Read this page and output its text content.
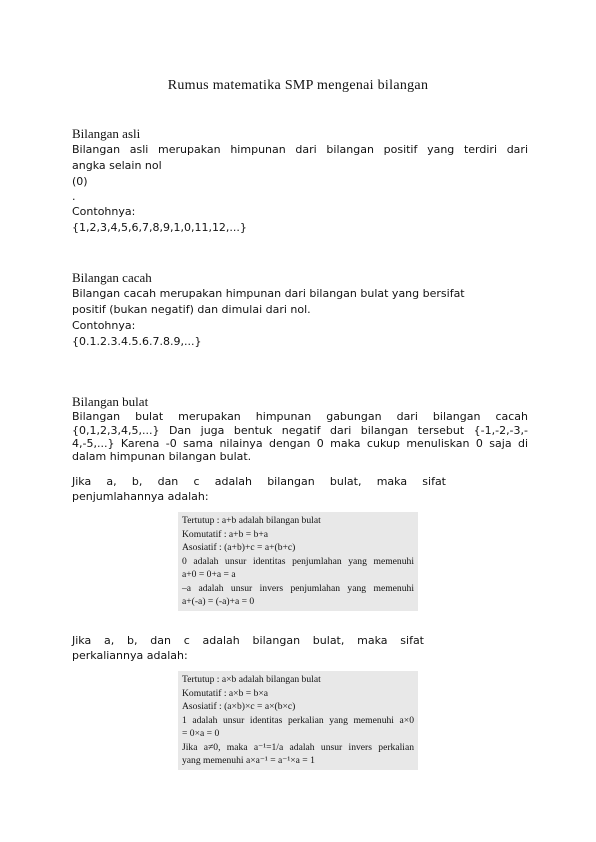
Rumus matematika SMP mengenai bilangan
Bilangan asli
Bilangan asli merupakan himpunan dari bilangan positif yang terdiri dari
angka selain nol
(0)
.
Contohnya:
{1,2,3,4,5,6,7,8,9,1,0,11,12,...}
Bilangan cacah
Bilangan cacah merupakan himpunan dari bilangan bulat yang bersifat
positif (bukan negatif) dan dimulai dari nol.
Contohnya:
{0.1.2.3.4.5.6.7.8.9,...}
Bilangan bulat
Bilangan bulat merupakan himpunan gabungan dari bilangan cacah
{0,1,2,3,4,5,...} Dan juga bentuk negatif dari bilangan tersebut {-1,-2,-3,-
4,-5,...} Karena -0 sama nilainya dengan 0 maka cukup menuliskan 0 saja di
dalam himpunan bilangan bulat.
Jika a, b, dan c adalah bilangan bulat, maka sifat
penjumlahannya adalah:
Tertutup : a+b adalah bilangan bulat
Komutatif : a+b = b+a
Asosiatif : (a+b)+c = a+(b+c)
0 adalah unsur identitas penjumlahan yang memenuhi
a+0 = 0+a = a
–a adalah unsur invers penjumlahan yang memenuhi
a+(-a) = (-a)+a = 0
Jika a, b, dan c adalah bilangan bulat, maka sifat
perkaliannya adalah:
Tertutup : a×b adalah bilangan bulat
Komutatif : a×b = b×a
Asosiatif : (a×b)×c = a×(b×c)
1 adalah unsur identitas perkalian yang memenuhi a×0
= 0×a = 0
Jika a≠0, maka a⁻¹=1/a adalah unsur invers perkalian
yang memenuhi a×a⁻¹ = a⁻¹×a = 1
